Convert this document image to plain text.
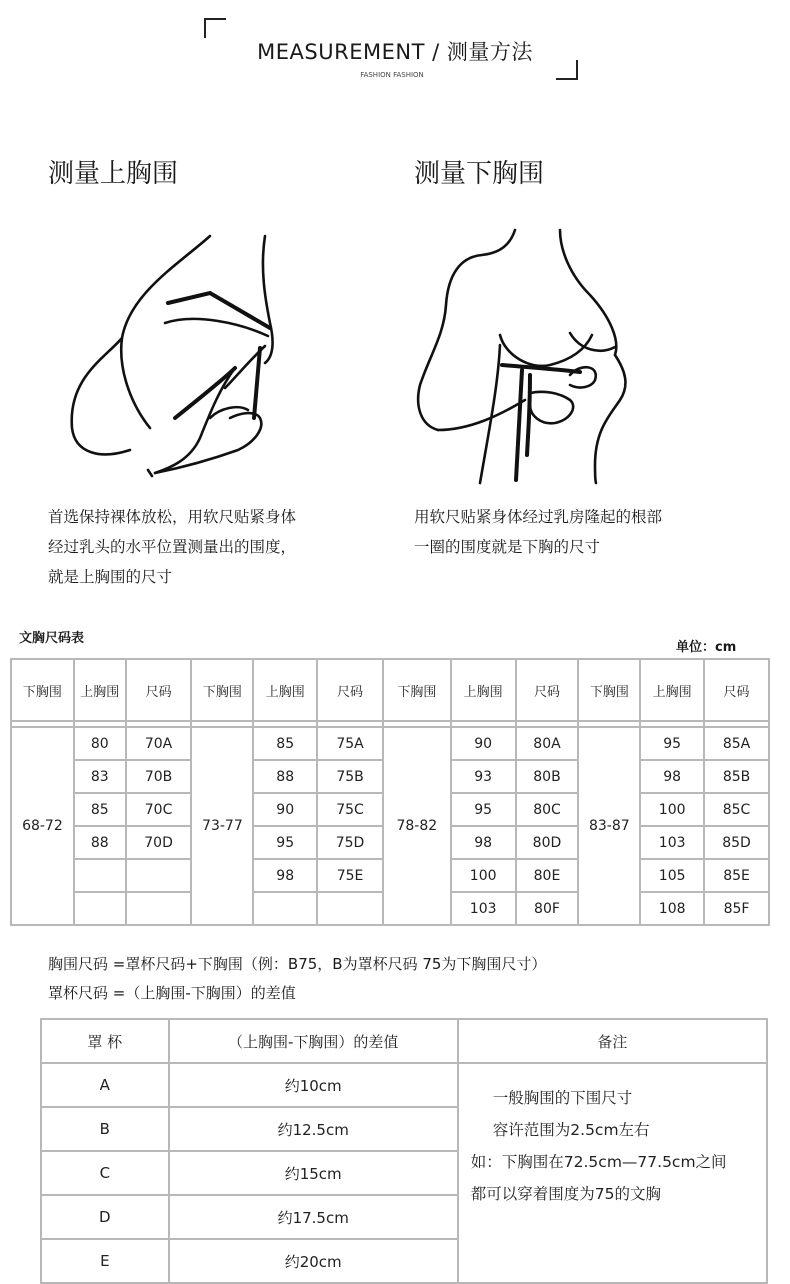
MEASUREMENT / 测量方法
FASHION FASHION
测量上胸围	测量下胸围
首选保持裸体放松，用软尺贴紧身体
经过乳头的水平位置测量出的围度，
就是上胸围的尺寸
用软尺贴紧身体经过乳房隆起的根部
一圈的围度就是下胸的尺寸
文胸尺码表
单位：cm
下胸围	上胸围	尺码	下胸围	上胸围	尺码	下胸围	上胸围	尺码	下胸围	上胸围	尺码

68-72	80	70A	73-77	85	75A	78-82	90	80A	83-87	95	85A
	83	70B		88	75B		93	80B		98	85B
	85	70C		90	75C		95	80C		100	85C
	88	70D		95	75D		98	80D		103	85D
				98	75E		100	80E		105	85E
							103	80F		108	85F
胸围尺码 =罩杯尺码+下胸围（例：B75，B为罩杯尺码 75为下胸围尺寸）
罩杯尺码 =（上胸围-下胸围）的差值
罩 杯	（上胸围-下胸围）的差值	备注
A	约10cm	一般胸围的下围尺寸
容许范围为2.5cm左右
如：下胸围在72.5cm—77.5cm之间
都可以穿着围度为75的文胸

B	约12.5cm	
C	约15cm	
D	约17.5cm	
E	约20cm	
